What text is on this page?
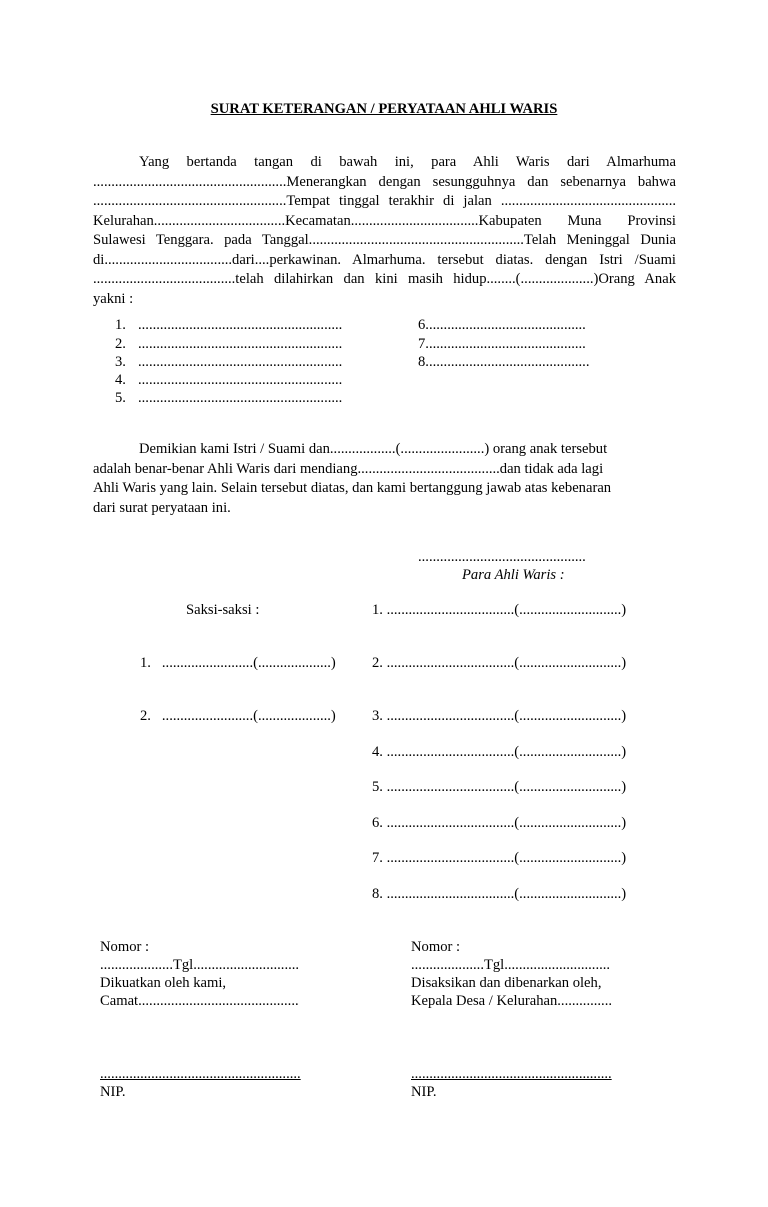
SURAT KETERANGAN / PERYATAAN AHLI WARIS
Yang bertanda tangan di bawah ini, para Ahli Waris dari Almarhuma
.....................................................Menerangkan dengan sesungguhnya dan sebenarnya bahwa
.....................................................Tempat tinggal terakhir di jalan ................................................
Kelurahan....................................Kecamatan...................................Kabupaten Muna Provinsi
Sulawesi Tenggara. pada Tanggal...........................................................Telah Meninggal Dunia
di...................................dari....perkawinan. Almarhuma. tersebut diatas. dengan Istri /Suami
.......................................telah dilahirkan dan kini masih hidup........(....................)Orang Anak
yakni :
1. ........................................................
2. ........................................................
3. ........................................................
4. ........................................................
5. ........................................................
6............................................
7............................................
8.............................................
Demikian kami Istri / Suami dan..................(.......................) orang anak tersebut
adalah benar-benar Ahli Waris dari mendiang.......................................dan tidak ada lagi
Ahli Waris yang lain. Selain tersebut diatas, dan kami bertanggung jawab atas kebenaran
dari surat peryataan ini.
..............................................
Para Ahli Waris :
Saksi-saksi :
1.   .........................(....................)
2.   .........................(....................)
1. ...................................(............................)
2. ...................................(............................)
3. ...................................(............................)
4. ...................................(............................)
5. ...................................(............................)
6. ...................................(............................)
7. ...................................(............................)
8. ...................................(............................)
Nomor :
....................Tgl.............................
Dikuatkan oleh kami,
Camat............................................
.......................................................
NIP.
Nomor :
....................Tgl.............................
Disaksikan dan dibenarkan oleh,
Kepala Desa / Kelurahan...............
.......................................................
NIP.
